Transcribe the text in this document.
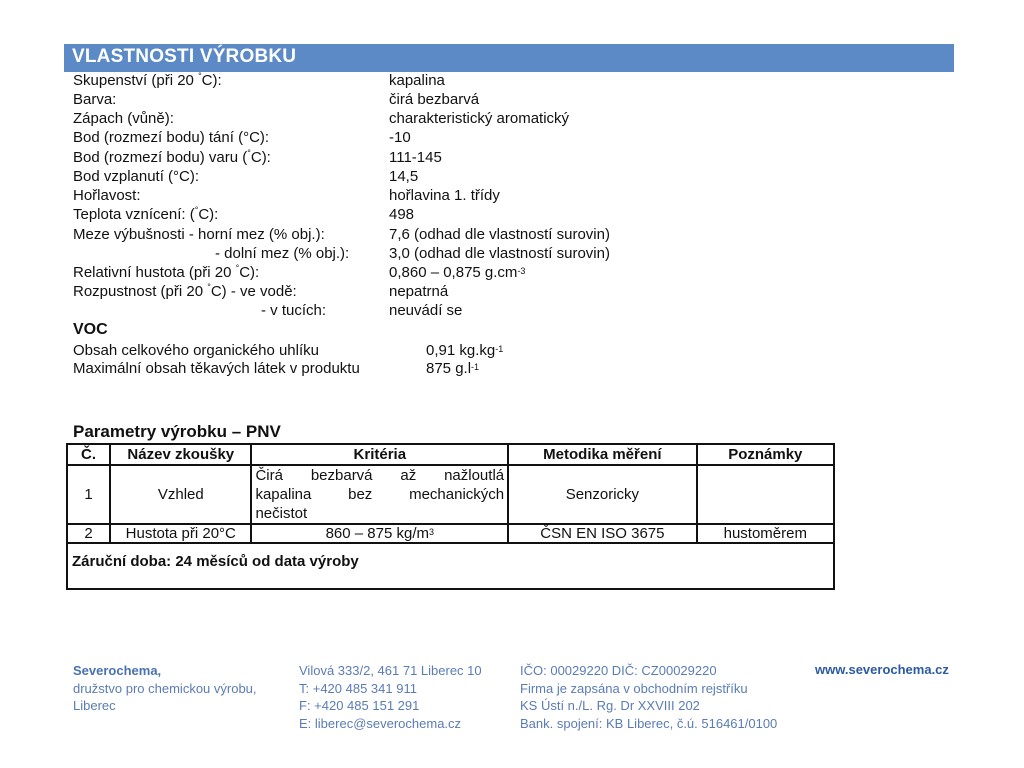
VLASTNOSTI VÝROBKU
Skupenství (při 20 °C):	kapalina
Barva:	čirá bezbarvá
Zápach (vůně):	charakteristický aromatický
Bod (rozmezí bodu) tání (°C):	-10
Bod (rozmezí bodu) varu (°C):	111-145
Bod vzplanutí (°C):	14,5
Hořlavost:	hořlavina 1. třídy
Teplota vznícení: (°C):	498
Meze výbušnosti - horní mez (% obj.):	7,6 (odhad dle vlastností surovin)
- dolní mez (% obj.):	3,0 (odhad dle vlastností surovin)
Relativní hustota (při 20 °C):	0,860 – 0,875 $g.cm^{-3}$
Rozpustnost (při 20 °C) - ve vodě:	nepatrná
- v tucích:	neuvádí se
VOC
Obsah celkového organického uhlíku	0,91 $kg.kg^{-1}$
Maximální obsah těkavých látek v produktu	875 $g.l^{-1}$
Parametry výrobku – PNV
Č.	Název zkoušky	Kritéria	Metodika měření	Poznámky
1	Vzhled	Čirá bezbarvá až nažloutlá
kapalina bez mechanických
nečistot	Senzoricky	
2	Hustota při 20°C	860 – 875 $kg/m^3$	ČSN EN ISO 3675	hustoměrem
Záruční doba: 24 měsíců od data výroby				
Severochema,
družstvo pro chemickou výrobu,
Liberec
Vilová 333/2, 461 71 Liberec 10
T: +420 485 341 911
F: +420 485 151 291
E: liberec@severochema.cz
IČO: 00029220 DIČ: CZ00029220
Firma je zapsána v obchodním rejstříku
KS Ústí n./L. Rg. Dr XXVIII 202
Bank. spojení: KB Liberec, č.ú. 516461/0100
www.severochema.cz
